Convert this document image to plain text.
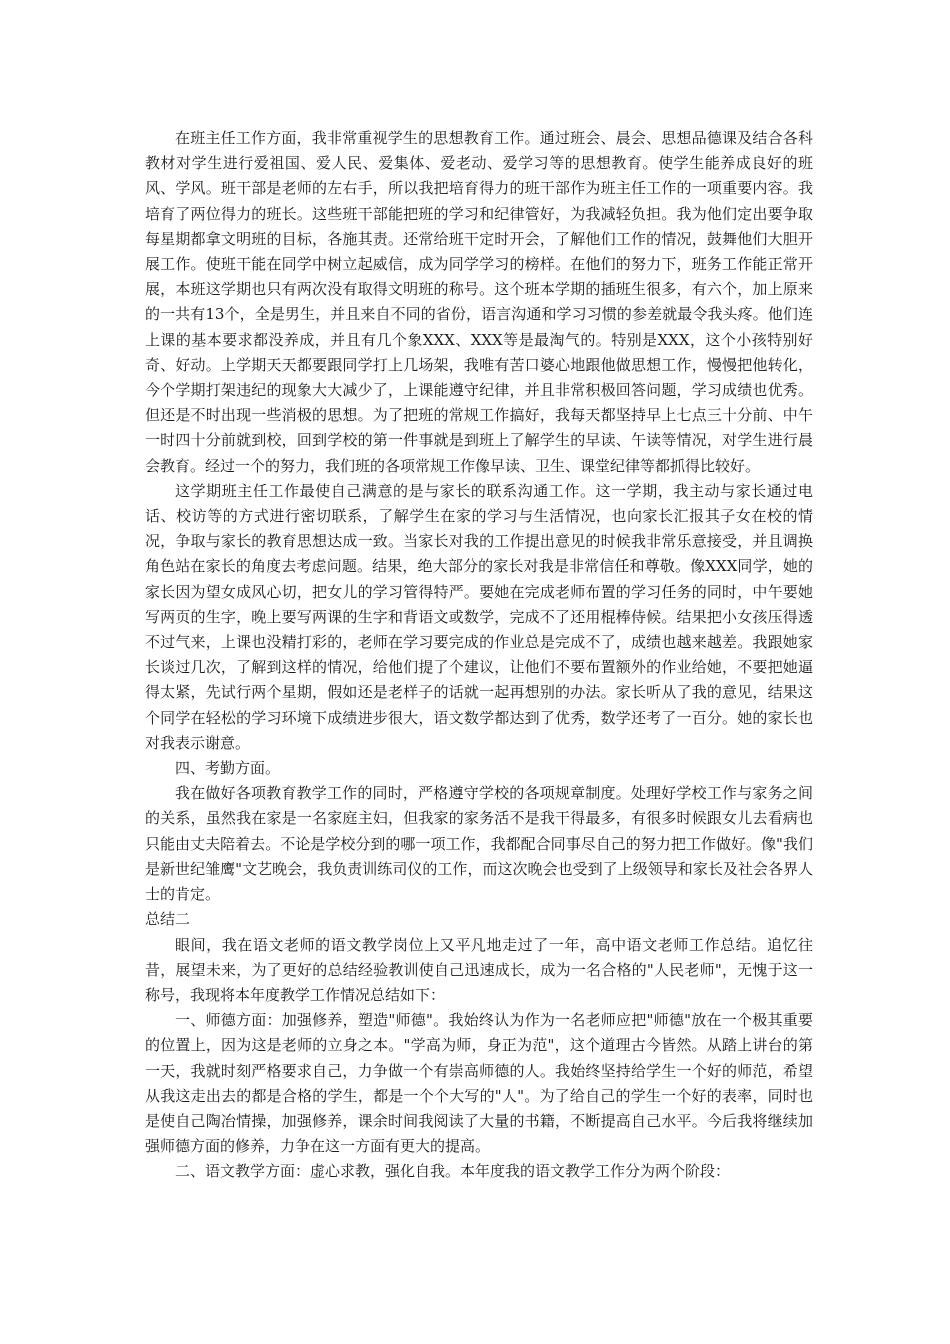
在班主任工作方面，我非常重视学生的思想教育工作。通过班会、晨会、思想品德课及结合各科教材对学生进行爱祖国、爱人民、爱集体、爱老动、爱学习等的思想教育。使学生能养成良好的班风、学风。班干部是老师的左右手，所以我把培育得力的班干部作为班主任工作的一项重要内容。我培育了两位得力的班长。这些班干部能把班的学习和纪律管好，为我减轻负担。我为他们定出要争取每星期都拿文明班的目标，各施其责。还常给班干定时开会，了解他们工作的情况，鼓舞他们大胆开展工作。使班干能在同学中树立起威信，成为同学学习的榜样。在他们的努力下，班务工作能正常开展，本班这学期也只有两次没有取得文明班的称号。这个班本学期的插班生很多，有六个，加上原来的一共有13个，全是男生，并且来自不同的省份，语言沟通和学习习惯的参差就最令我头疼。他们连上课的基本要求都没养成，并且有几个象XXX、XXX等是最淘气的。特别是XXX，这个小孩特别好奇、好动。上学期天天都要跟同学打上几场架，我唯有苦口婆心地跟他做思想工作，慢慢把他转化，今个学期打架违纪的现象大大减少了，上课能遵守纪律，并且非常积极回答问题，学习成绩也优秀。但还是不时出现一些消极的思想。为了把班的常规工作搞好，我每天都坚持早上七点三十分前、中午一时四十分前就到校，回到学校的第一件事就是到班上了解学生的早读、午读等情况，对学生进行晨会教育。经过一个的努力，我们班的各项常规工作像早读、卫生、课堂纪律等都抓得比较好。

这学期班主任工作最使自己满意的是与家长的联系沟通工作。这一学期，我主动与家长通过电话、校访等的方式进行密切联系，了解学生在家的学习与生活情况，也向家长汇报其子女在校的情况，争取与家长的教育思想达成一致。当家长对我的工作提出意见的时候我非常乐意接受，并且调换角色站在家长的角度去考虑问题。结果，绝大部分的家长对我是非常信任和尊敬。像XXX同学，她的家长因为望女成风心切，把女儿的学习管得特严。要她在完成老师布置的学习任务的同时，中午要她写两页的生字，晚上要写两课的生字和背语文或数学，完成不了还用棍棒侍候。结果把小女孩压得透不过气来，上课也没精打彩的，老师在学习要完成的作业总是完成不了，成绩也越来越差。我跟她家长谈过几次，了解到这样的情况，给他们提了个建议，让他们不要布置额外的作业给她，不要把她逼得太紧，先试行两个星期，假如还是老样子的话就一起再想别的办法。家长听从了我的意见，结果这个同学在轻松的学习环境下成绩进步很大，语文数学都达到了优秀，数学还考了一百分。她的家长也对我表示谢意。

四、考勤方面。

我在做好各项教育教学工作的同时，严格遵守学校的各项规章制度。处理好学校工作与家务之间的关系，虽然我在家是一名家庭主妇，但我家的家务活不是我干得最多，有很多时候跟女儿去看病也只能由丈夫陪着去。不论是学校分到的哪一项工作，我都配合同事尽自己的努力把工作做好。像"我们是新世纪雏鹰"文艺晚会，我负责训练司仪的工作，而这次晚会也受到了上级领导和家长及社会各界人士的肯定。

总结二

眼间，我在语文老师的语文教学岗位上又平凡地走过了一年，高中语文老师工作总结。追忆往昔，展望未来，为了更好的总结经验教训使自己迅速成长，成为一名合格的"人民老师"，无愧于这一称号，我现将本年度教学工作情况总结如下：

一、师德方面：加强修养，塑造"师德"。我始终认为作为一名老师应把"师德"放在一个极其重要的位置上，因为这是老师的立身之本。"学高为师，身正为范"，这个道理古今皆然。从踏上讲台的第一天，我就时刻严格要求自己，力争做一个有崇高师德的人。我始终坚持给学生一个好的师范，希望从我这走出去的都是合格的学生，都是一个个大写的"人"。为了给自己的学生一个好的表率，同时也是使自己陶冶情操，加强修养，课余时间我阅读了大量的书籍，不断提高自己水平。今后我将继续加强师德方面的修养，力争在这一方面有更大的提高。

二、语文教学方面：虚心求教，强化自我。本年度我的语文教学工作分为两个阶段：
